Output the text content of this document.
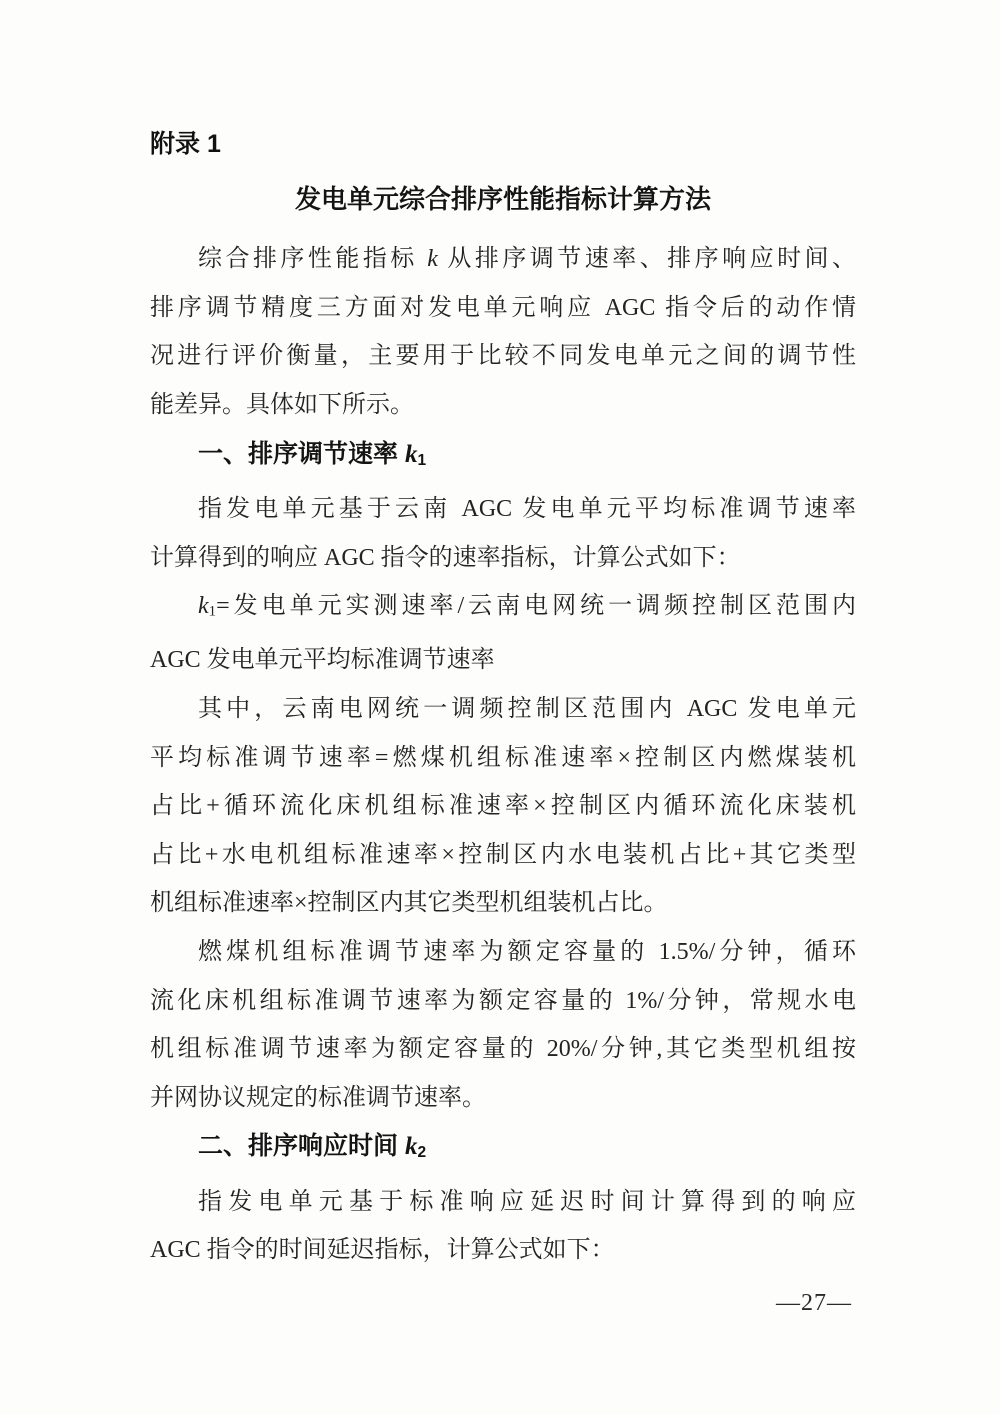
附录 1
发电单元综合排序性能指标计算方法
综合排序性能指标 k 从排序调节速率、排序响应时间、
排序调节精度三方面对发电单元响应 AGC 指令后的动作情
况进行评价衡量，主要用于比较不同发电单元之间的调节性
能差异。具体如下所示。
一、排序调节速率 k1
指发电单元基于云南 AGC 发电单元平均标准调节速率
计算得到的响应 AGC 指令的速率指标，计算公式如下：
k1=发电单元实测速率/云南电网统一调频控制区范围内
AGC 发电单元平均标准调节速率
其中，云南电网统一调频控制区范围内 AGC 发电单元
平均标准调节速率=燃煤机组标准速率×控制区内燃煤装机
占比+循环流化床机组标准速率×控制区内循环流化床装机
占比+水电机组标准速率×控制区内水电装机占比+其它类型
机组标准速率×控制区内其它类型机组装机占比。
燃煤机组标准调节速率为额定容量的 1.5%/分钟，循环
流化床机组标准调节速率为额定容量的 1%/分钟，常规水电
机组标准调节速率为额定容量的 20%/分钟,其它类型机组按
并网协议规定的标准调节速率。
二、排序响应时间 k2
指发电单元基于标准响应延迟时间计算得到的响应
AGC 指令的时间延迟指标，计算公式如下：
—27—
